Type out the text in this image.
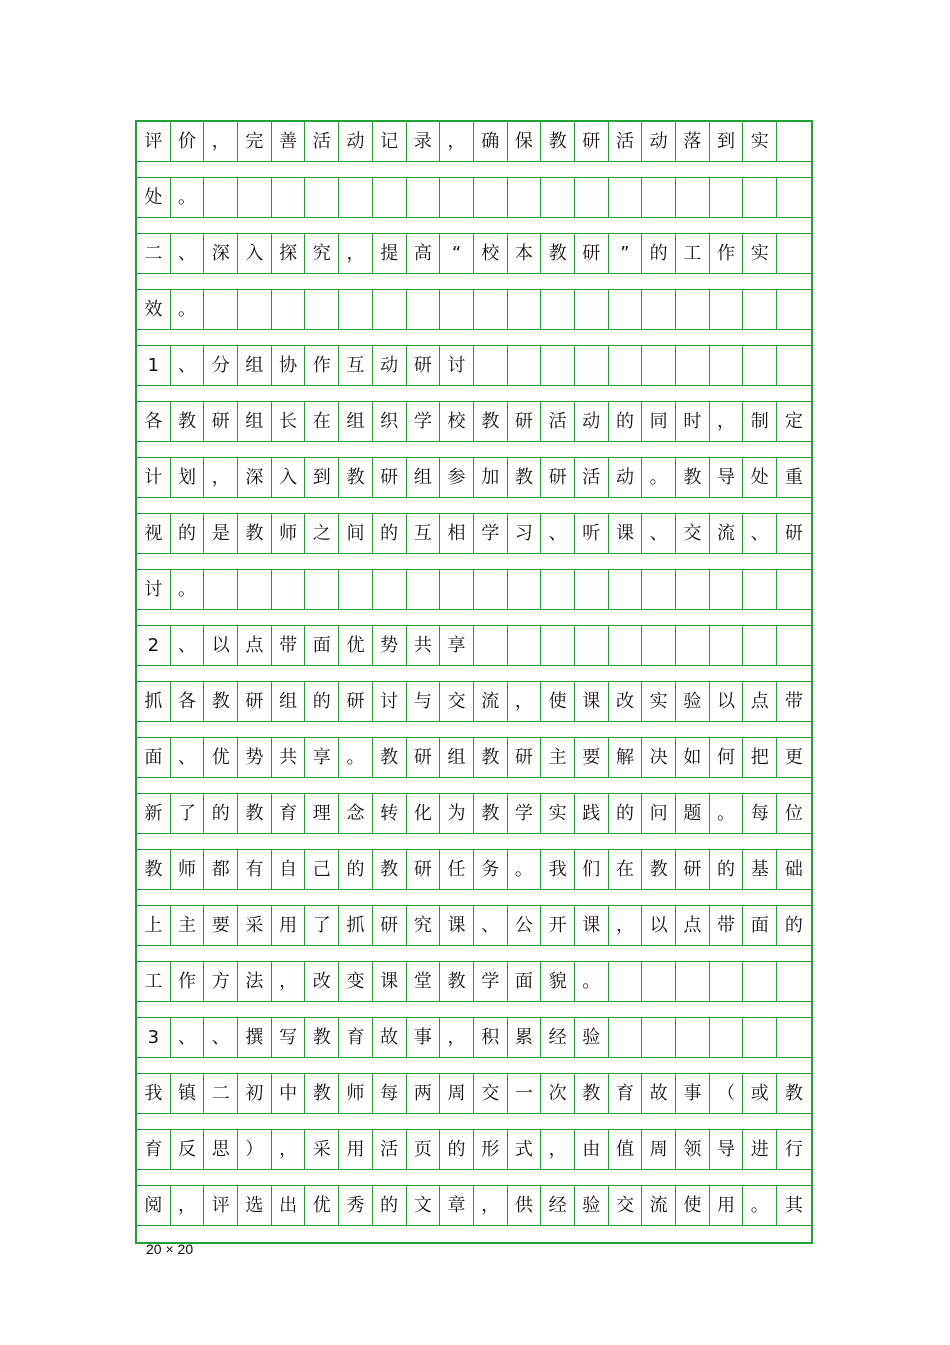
评 价 ， 完 善 活 动 记 录 ， 确 保 教 研 活 动 落 到 实
处 。
二 、 深 入 探 究 ， 提 高	“	校 本 教 研	”	的 工 作 实
效 。
1	、 分 组 协 作 互 动 研 讨
各 教 研 组 长 在 组 织 学 校 教 研 活 动 的 同 时 ， 制 定
计 划 ， 深 入 到 教 研 组 参 加 教 研 活 动 。 教 导 处 重
视 的 是 教 师 之 间 的 互 相 学 习 、 听 课 、 交 流 、 研
讨 。
2	、 以 点 带 面 优 势 共 享
抓 各 教 研 组 的 研 讨 与 交 流 ， 使 课 改 实 验 以 点 带
面 、 优 势 共 享 。 教 研 组 教 研 主 要 解 决 如 何 把 更
新 了 的 教 育 理 念 转 化 为 教 学 实 践 的 问 题 。 每 位
教 师 都 有 自 己 的 教 研 任 务 。 我 们 在 教 研 的 基 础
上 主 要 采 用 了 抓 研 究 课 、 公 开 课 ， 以 点 带 面 的
工 作 方 法 ， 改 变 课 堂 教 学 面 貌 。
3	、 、 撰 写 教 育 故 事 ， 积 累 经 验
我 镇 二 初 中 教 师 每 两 周 交 一 次 教 育 故 事 （ 或 教
育 反 思 ） ， 采 用 活 页 的 形 式 ， 由 值 周 领 导 进 行
阅 ， 评 选 出 优 秀 的 文 章 ， 供 经 验 交 流 使 用 。 其
20 × 20
